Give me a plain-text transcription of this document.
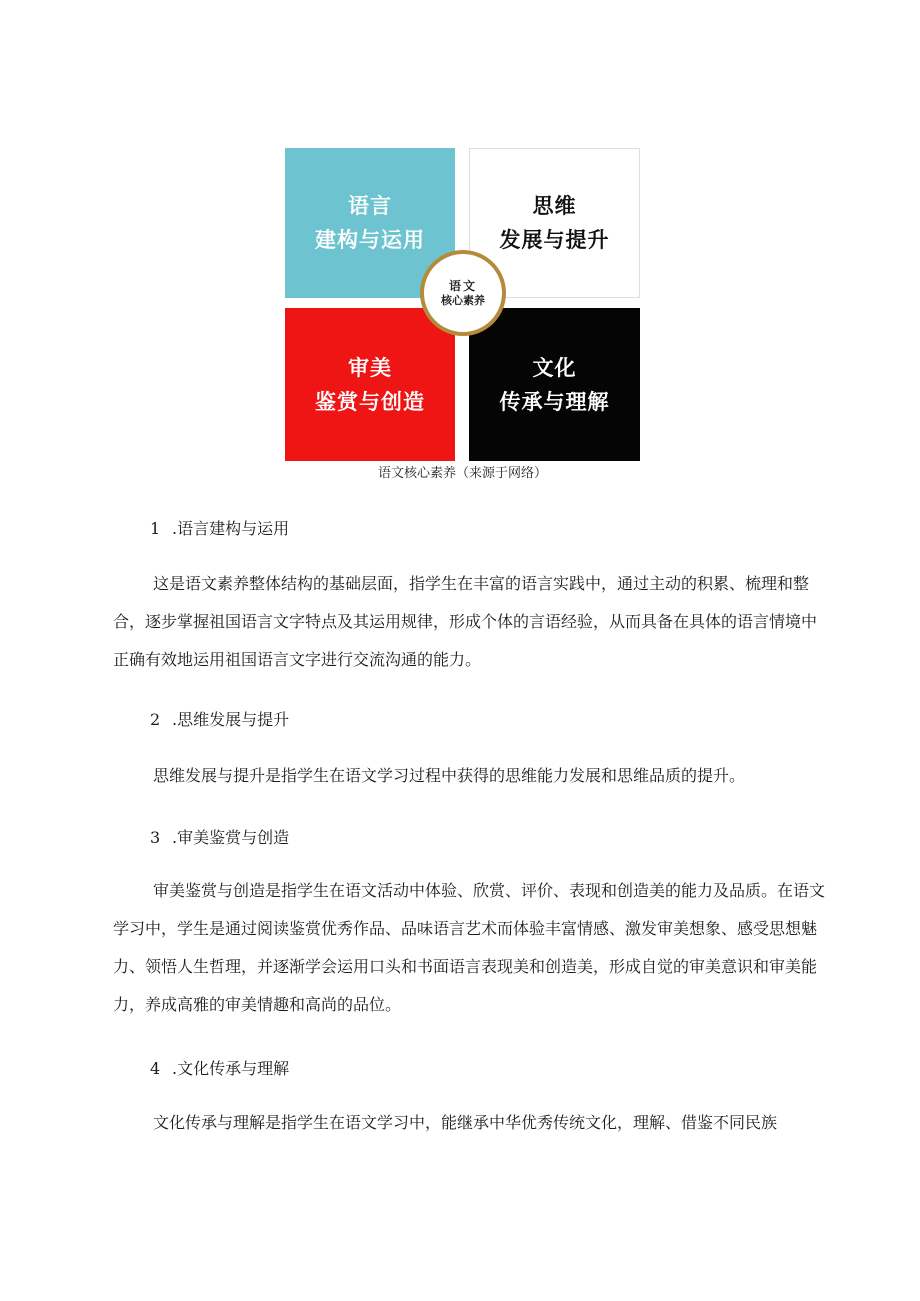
语言
建构与运用
思维
发展与提升
审美
鉴赏与创造
文化
传承与理解
语文
核心素养
语文核心素养（来源于网络）
1 .语言建构与运用

这是语文素养整体结构的基础层面，指学生在丰富的语言实践中，通过主动的积累、梳理和整合，逐步掌握祖国语言文字特点及其运用规律，形成个体的言语经验，从而具备在具体的语言情境中正确有效地运用祖国语言文字进行交流沟通的能力。

2 .思维发展与提升

思维发展与提升是指学生在语文学习过程中获得的思维能力发展和思维品质的提升。

3 .审美鉴赏与创造

审美鉴赏与创造是指学生在语文活动中体验、欣赏、评价、表现和创造美的能力及品质。在语文学习中，学生是通过阅读鉴赏优秀作品、品味语言艺术而体验丰富情感、激发审美想象、感受思想魅力、领悟人生哲理，并逐渐学会运用口头和书面语言表现美和创造美，形成自觉的审美意识和审美能力，养成高雅的审美情趣和高尚的品位。

4 .文化传承与理解

文化传承与理解是指学生在语文学习中，能继承中华优秀传统文化，理解、借鉴不同民族
